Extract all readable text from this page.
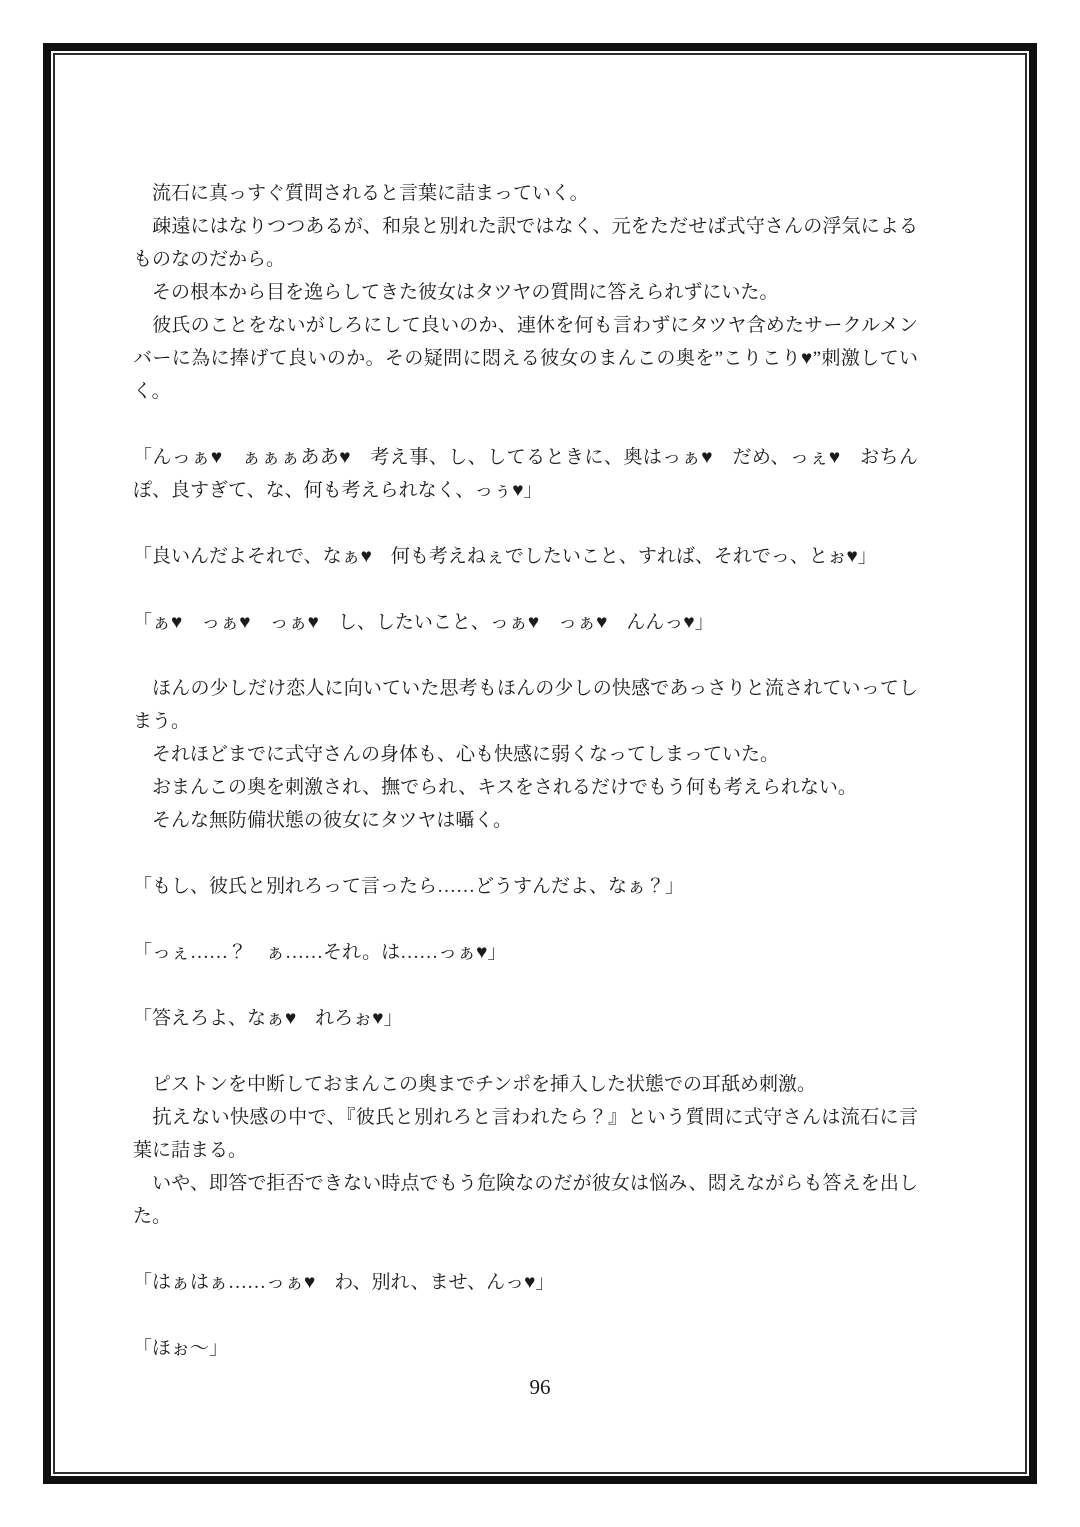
　流石に真っすぐ質問されると言葉に詰まっていく。

　疎遠にはなりつつあるが、和泉と別れた訳ではなく、元をただせば式守さんの浮気によるものなのだから。

　その根本から目を逸らしてきた彼女はタツヤの質問に答えられずにいた。

　彼氏のことをないがしろにして良いのか、連休を何も言わずにタツヤ含めたサークルメンバーに為に捧げて良いのか。その疑問に悶える彼女のまんこの奥を”こりこり♥”刺激していく。

「んっぁ♥　ぁぁぁああ♥　考え事、し、してるときに、奥はっぁ♥　だめ、っぇ♥　おちんぽ、良すぎて、な、何も考えられなく、っぅ♥」

「良いんだよそれで、なぁ♥　何も考えねぇでしたいこと、すれば、それでっ、とぉ♥」

「ぁ♥　っぁ♥　っぁ♥　し、したいこと、っぁ♥　っぁ♥　んんっ♥」

　ほんの少しだけ恋人に向いていた思考もほんの少しの快感であっさりと流されていってしまう。

　それほどまでに式守さんの身体も、心も快感に弱くなってしまっていた。

　おまんこの奥を刺激され、撫でられ、キスをされるだけでもう何も考えられない。

　そんな無防備状態の彼女にタツヤは囁く。

「もし、彼氏と別れろって言ったら……どうすんだよ、なぁ？」

「っぇ……？　ぁ……それ。は……っぁ♥」

「答えろよ、なぁ♥　れろぉ♥」

　ピストンを中断しておまんこの奥までチンポを挿入した状態での耳舐め刺激。

　抗えない快感の中で、『彼氏と別れろと言われたら？』という質問に式守さんは流石に言葉に詰まる。

　いや、即答で拒否できない時点でもう危険なのだが彼女は悩み、悶えながらも答えを出した。

「はぁはぁ……っぁ♥　わ、別れ、ませ、んっ♥」

「ほぉ～」

96
